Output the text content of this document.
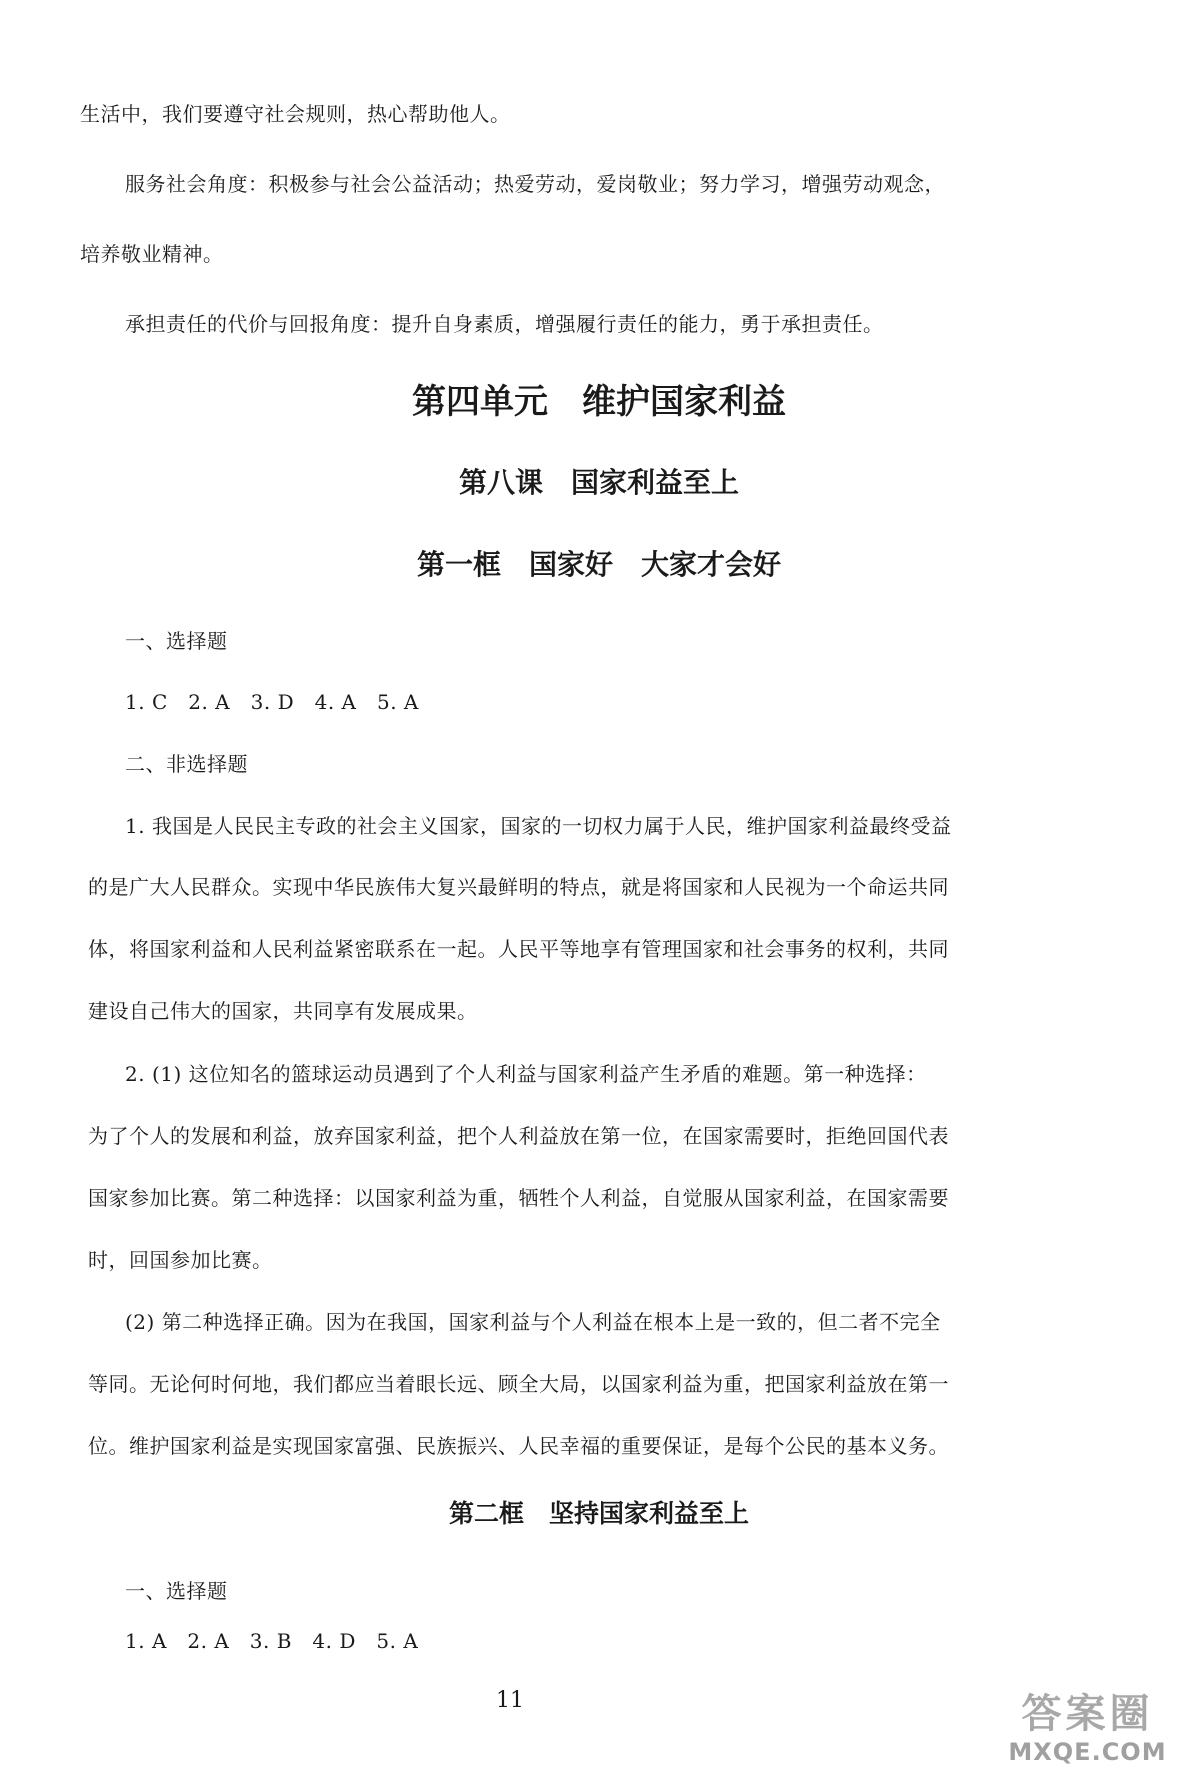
生活中，我们要遵守社会规则，热心帮助他人。
服务社会角度：积极参与社会公益活动；热爱劳动，爱岗敬业；努力学习，增强劳动观念，
培养敬业精神。
承担责任的代价与回报角度：提升自身素质，增强履行责任的能力，勇于承担责任。
第四单元　维护国家利益
第八课　国家利益至上
第一框　国家好　大家才会好
一、选择题
1. C　2. A　3. D　4. A　5. A
二、非选择题
1. 我国是人民民主专政的社会主义国家，国家的一切权力属于人民，维护国家利益最终受益
的是广大人民群众。实现中华民族伟大复兴最鲜明的特点，就是将国家和人民视为一个命运共同
体，将国家利益和人民利益紧密联系在一起。人民平等地享有管理国家和社会事务的权利，共同
建设自己伟大的国家，共同享有发展成果。
2. (1) 这位知名的篮球运动员遇到了个人利益与国家利益产生矛盾的难题。第一种选择：
为了个人的发展和利益，放弃国家利益，把个人利益放在第一位，在国家需要时，拒绝回国代表
国家参加比赛。第二种选择：以国家利益为重，牺牲个人利益，自觉服从国家利益，在国家需要
时，回国参加比赛。
(2) 第二种选择正确。因为在我国，国家利益与个人利益在根本上是一致的，但二者不完全
等同。无论何时何地，我们都应当着眼长远、顾全大局，以国家利益为重，把国家利益放在第一
位。维护国家利益是实现国家富强、民族振兴、人民幸福的重要保证，是每个公民的基本义务。
第二框　坚持国家利益至上
一、选择题
1. A　2. A　3. B　4. D　5. A
11	答案圈
MXQE.COM
